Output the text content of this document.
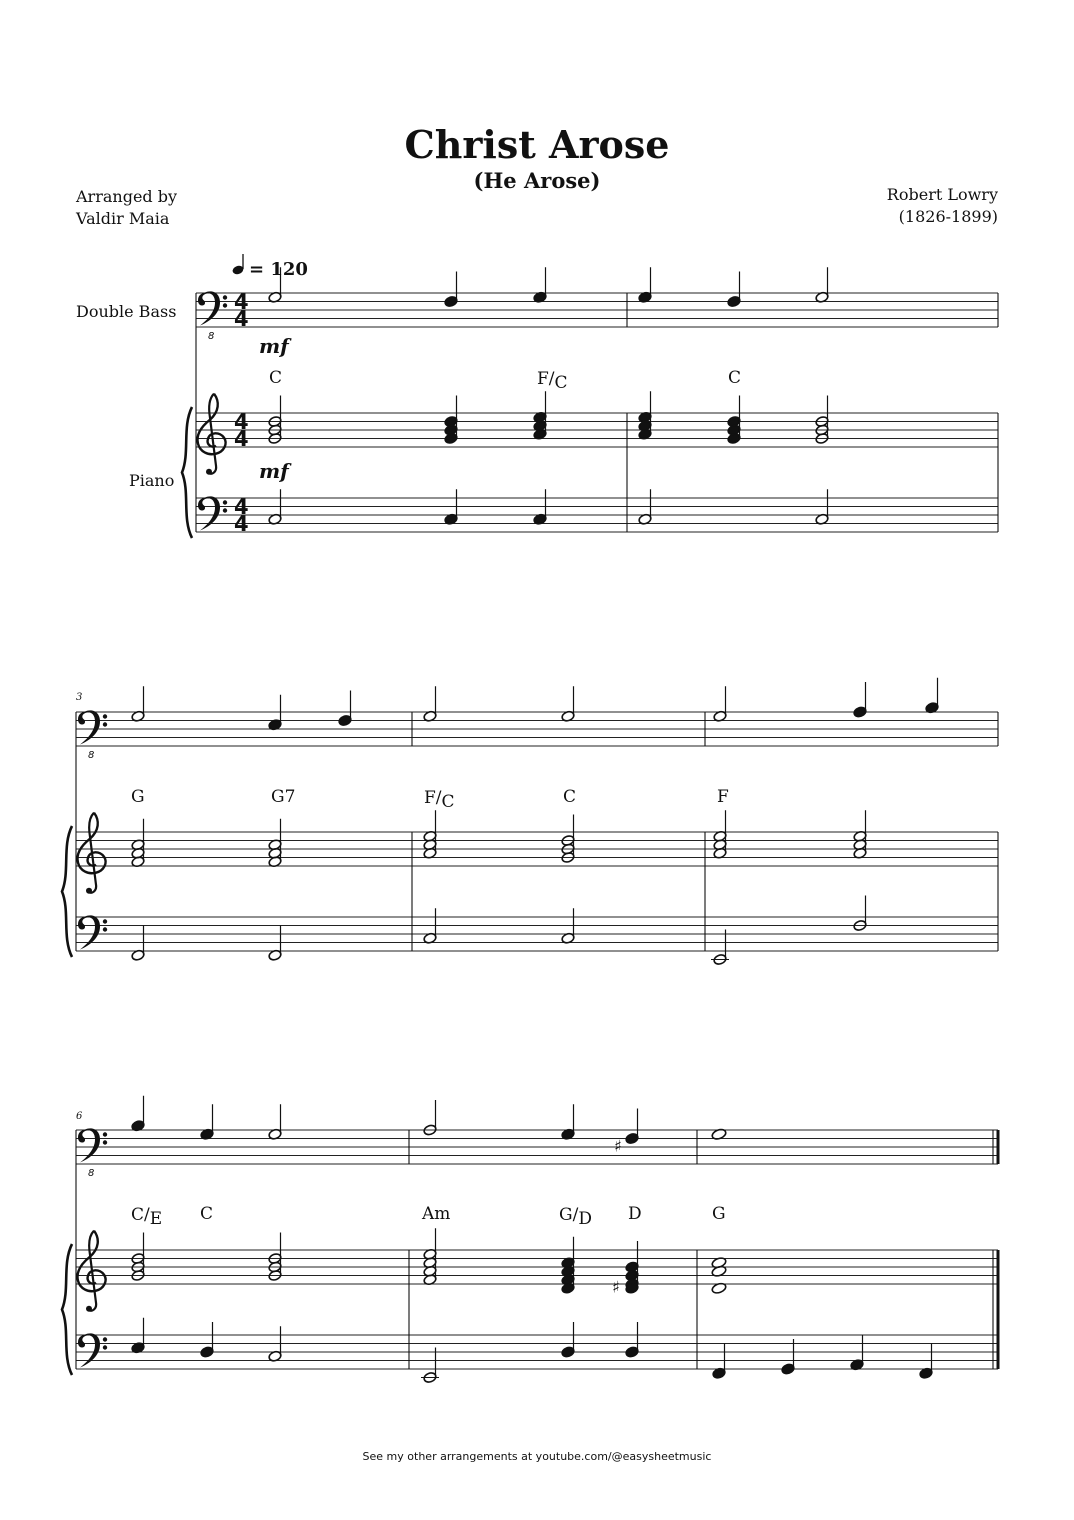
Christ Arose
(He Arose)
Arranged by
Valdir Maia
Robert Lowry
(1826-1899)
Double Bass
Piano
See my other arrangements at youtube.com/@easysheetmusic
8
4
4
4
4
4
4
8
8
♯
♯
C	F/C	C
G	G7	F/C	C	F
C/E C	Am	G/D D	G
= 120
mf
mf
3
6
